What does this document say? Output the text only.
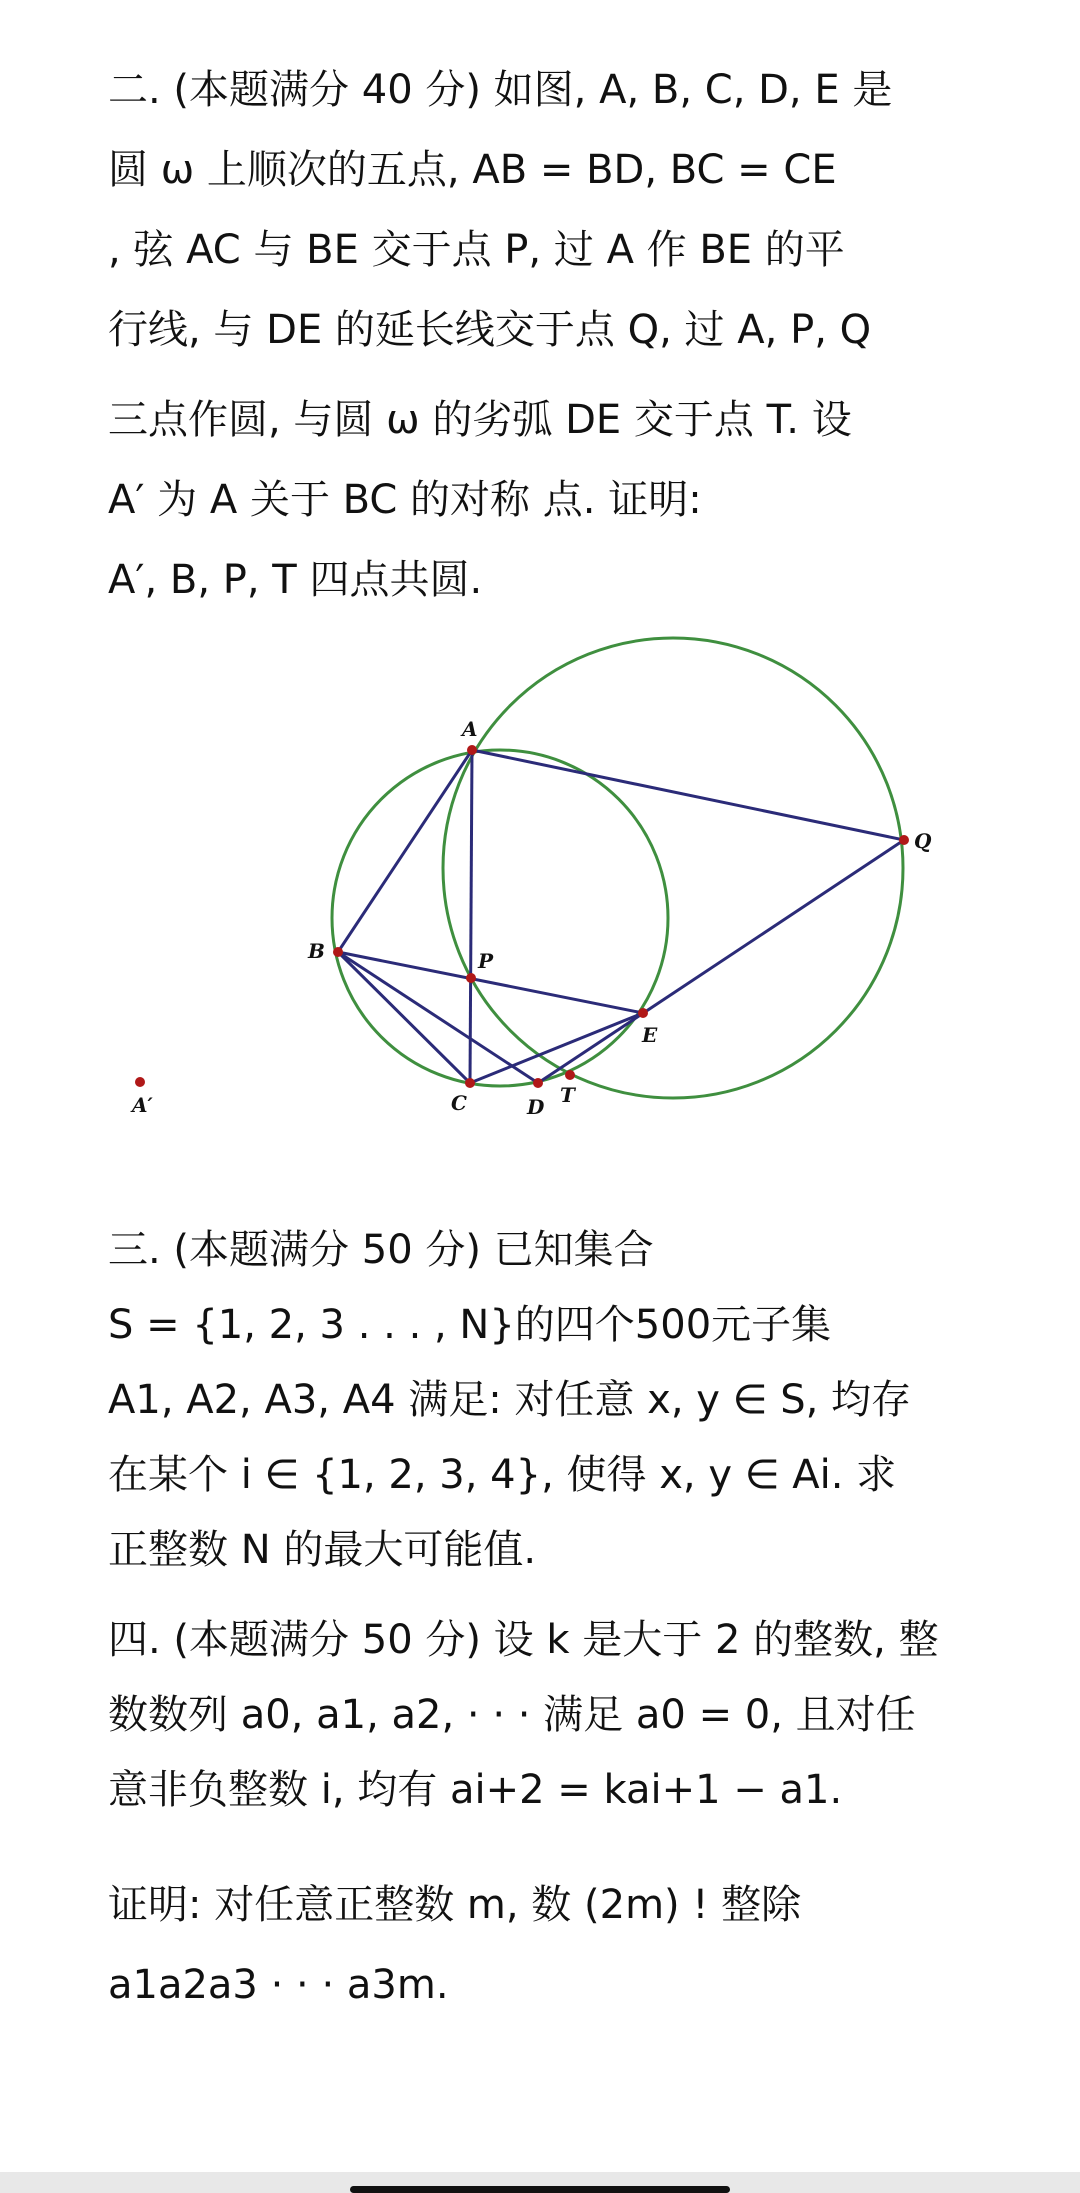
二. (本题满分 40 分) 如图, A, B, C, D, E 是
圆 ω 上顺次的五点, AB = BD, BC = CE
, 弦 AC 与 BE 交于点 P, 过 A 作 BE 的平
行线, 与 DE 的延长线交于点 Q, 过 A, P, Q
三点作圆, 与圆 ω 的劣弧 DE 交于点 T. 设
A′ 为 A 关于 BC 的对称 点. 证明:
A′, B, P, T 四点共圆.
A
B
C	D
E
P
Q
T
A′
三. (本题满分 50 分) 已知集合
S = {1, 2, 3 . . . , N}的四个500元子集
A1, A2, A3, A4 满足: 对任意 x, y ∈ S, 均存
在某个 i ∈ {1, 2, 3, 4}, 使得 x, y ∈ Ai. 求
正整数 N 的最大可能值.
四. (本题满分 50 分) 设 k 是大于 2 的整数, 整
数数列 a0, a1, a2, · · · 满足 a0 = 0, 且对任
意非负整数 i, 均有 ai+2 = kai+1 − a1.
证明: 对任意正整数 m, 数 (2m) ! 整除
a1a2a3 · · · a3m.
